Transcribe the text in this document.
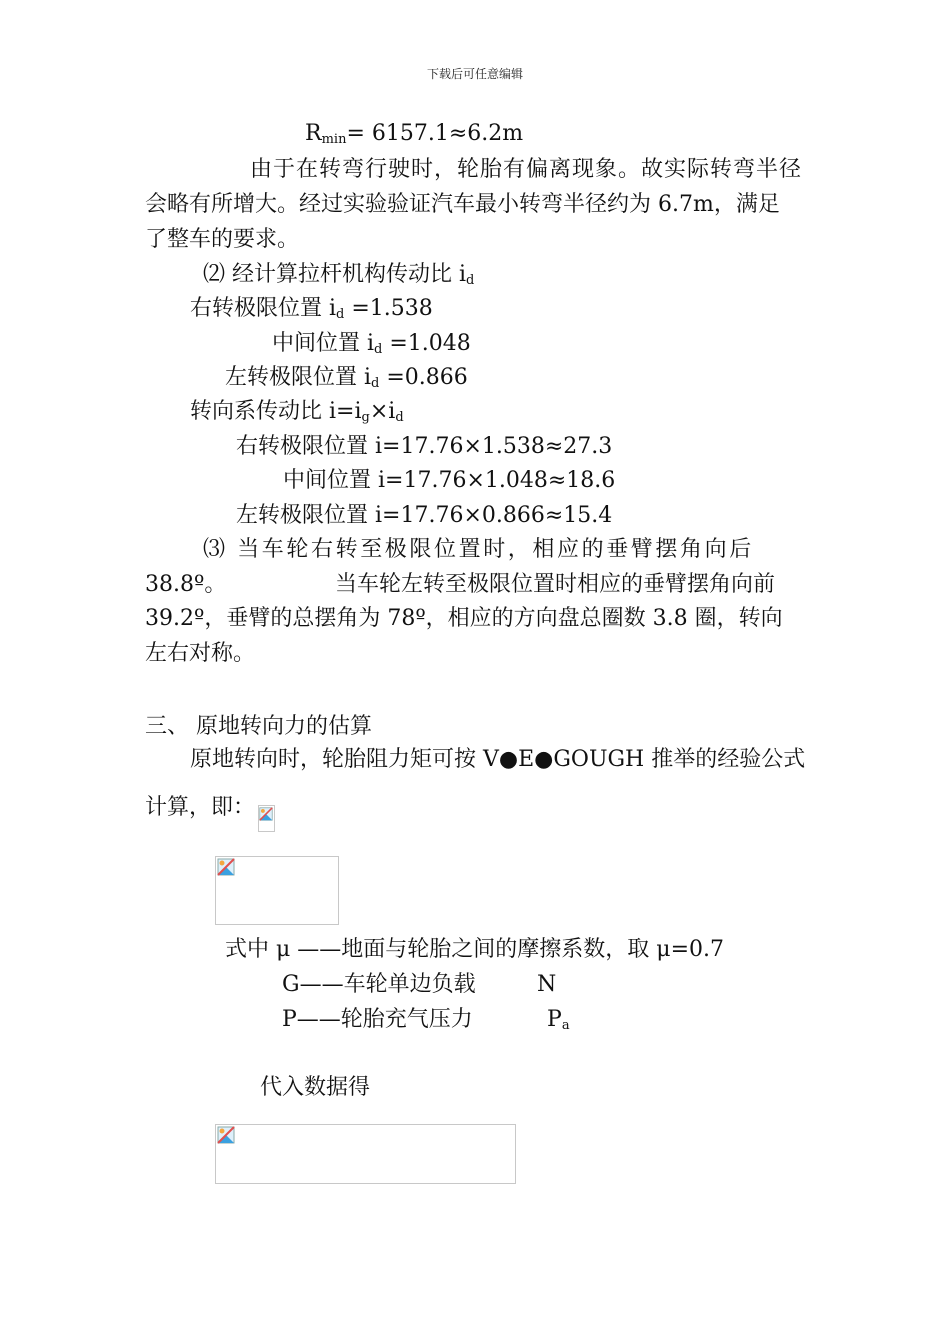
下载后可任意编辑
$R_{min}= 6157.1\approx 6.2m$
由于在转弯行驶时，轮胎有偏离现象。故实际转弯半径
会略有所增大。经过实验验证汽车最小转弯半径约为 6.7m，满足
了整车的要求。
⑵ 经计算拉杆机构传动比 $i_d$
右转极限位置 $i_d =1.538$
中间位置 $i_d =1.048$
左转极限位置 $i_d =0.866$
转向系传动比 $i=i_g\times i_d$
右转极限位置 i=17.76×1.538≈27.3
中间位置 i=17.76×1.048≈18.6
左转极限位置 i=17.76×0.866≈15.4
⑶ 当车轮右转至极限位置时，相应的垂臂摆角向后
38.8º。	当车轮左转至极限位置时相应的垂臂摆角向前
39.2º，垂臂的总摆角为 78º，相应的方向盘总圈数 3.8 圈，转向
左右对称。
三、 原地转向力的估算
原地转向时，轮胎阻力矩可按 V●E●GOUGH 推举的经验公式
计算，即：
式中 μ ——地面与轮胎之间的摩擦系数，取 μ=0.7
G——车轮单边负载	N
P——轮胎充气压力	$P_a$
代入数据得
